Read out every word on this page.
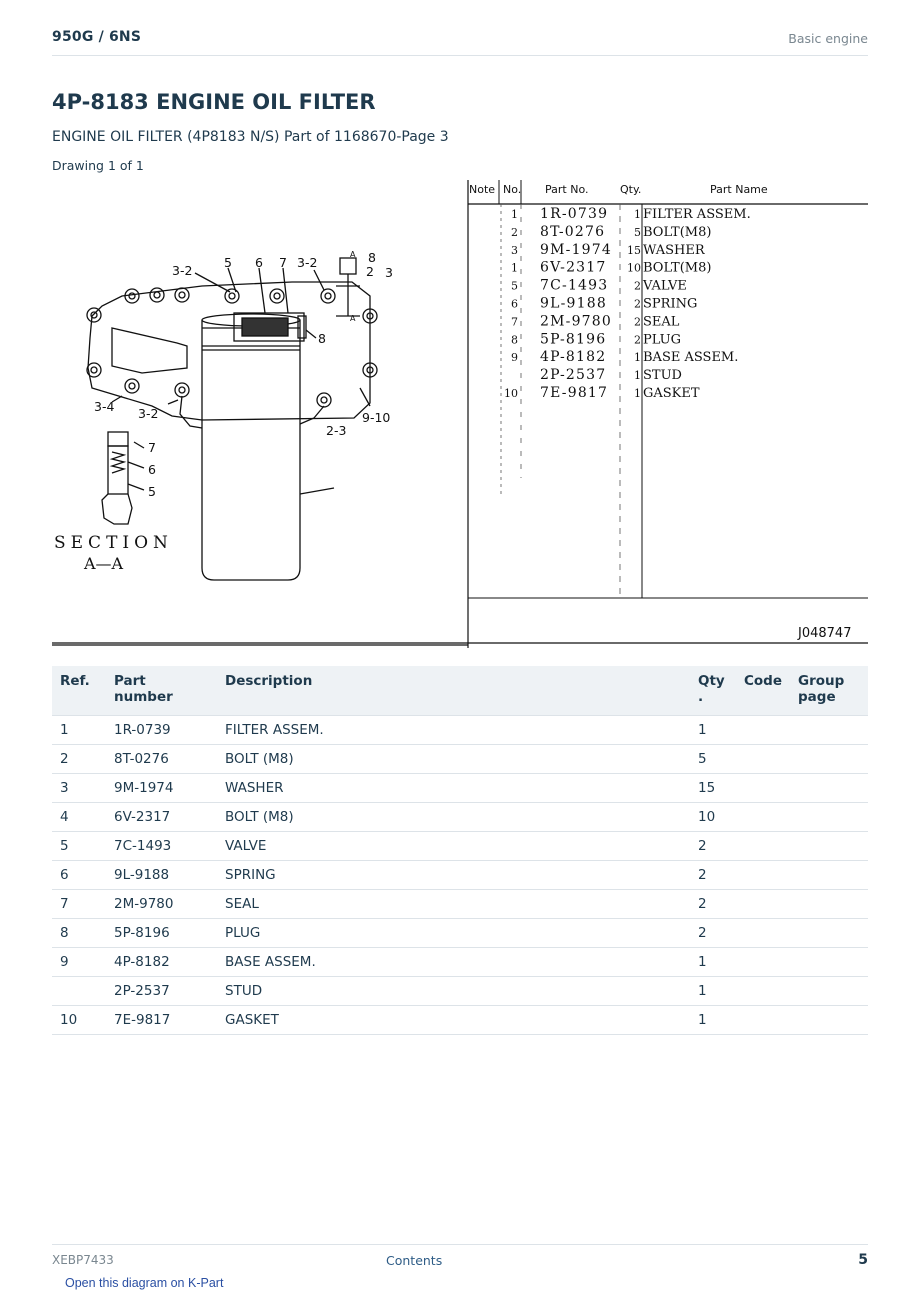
950G / 6NS	Basic engine
4P-8183 ENGINE OIL FILTER
ENGINE OIL FILTER (4P8183 N/S) Part of 1168670-Page 3
Drawing 1 of 1
3-2
5 6 7 3-2	8
2 3
8
3-4 3-2	9-10
2-3
7
6
5
A
A
SECTION
A—A
Note No. Part No.	Qty.	Part Name
1 1R-0739 1 FILTER ASSEM.
2 8T-0276	5 BOLT(M8)
3 9M-1974 15 WASHER
1 6V-2317 10 BOLT(M8)
5 7C-1493 2 VALVE
6 9L-9188 2 SPRING
7 2M-9780 2 SEAL
8 5P-8196	2 PLUG
9 4P-8182	1 BASE ASSEM.
2P-2537	1 STUD
10 7E-9817 1 GASKET
J048747
Ref.	Part number	Description	Qty
.	Code	Group page
1	1R-0739	FILTER ASSEM.	1		
2	8T-0276	BOLT (M8)	5		
3	9M-1974	WASHER	15		
4	6V-2317	BOLT (M8)	10		
5	7C-1493	VALVE	2		
6	9L-9188	SPRING	2		
7	2M-9780	SEAL	2		
8	5P-8196	PLUG	2		
9	4P-8182	BASE ASSEM.	1		
	2P-2537	STUD	1		
10	7E-9817	GASKET	1		
XEBP7433	Contents	5
Open this diagram on K-Part
